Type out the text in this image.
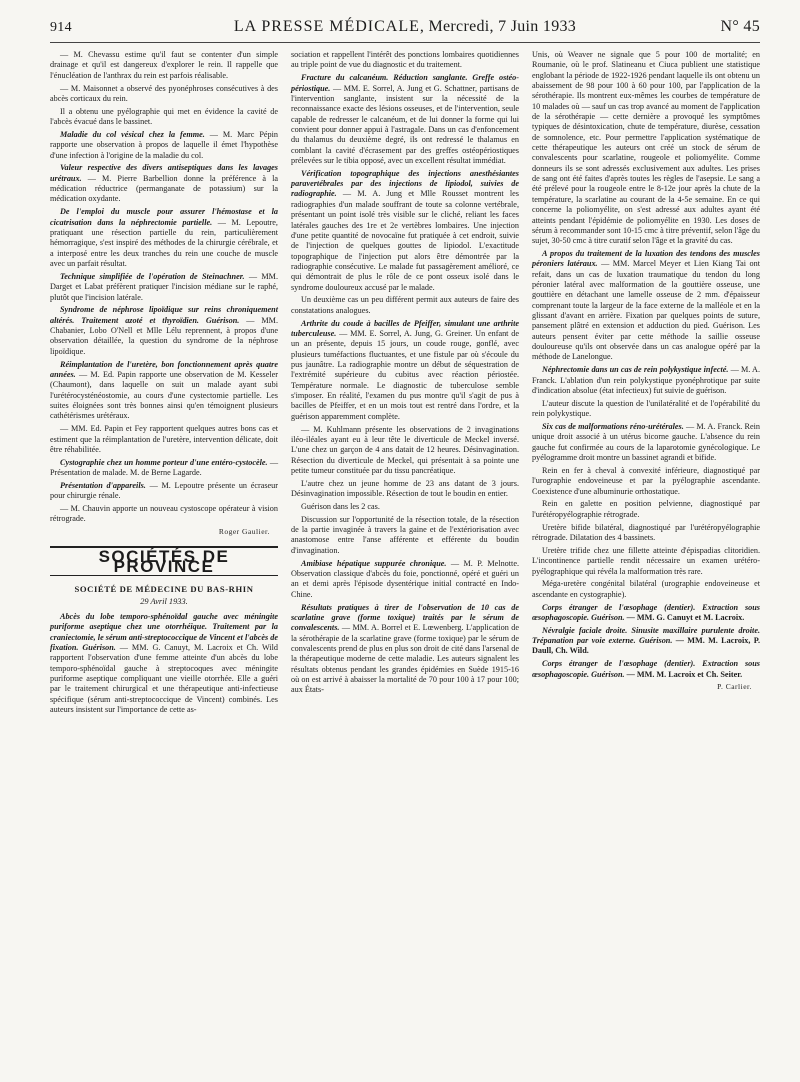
914	LA PRESSE MÉDICALE, Mercredi, 7 Juin 1933	N° 45

— M. Chevassu estime qu'il faut se contenter d'un simple drainage et qu'il est dangereux d'explorer le rein. Il rappelle que l'énucléation de l'anthrax du rein est parfois réalisable.

— M. Maisonnet a observé des pyonéphroses consécutives à des abcès corticaux du rein.

Il a obtenu une pyélographie qui met en évidence la cavité de l'abcès évacué dans le bassinet.

Maladie du col vésical chez la femme. — M. Marc Pépin rapporte une observation à propos de laquelle il émet l'hypothèse d'une infection à l'origine de la maladie du col.

Valeur respective des divers antiseptiques dans les lavages urétraux. — M. Pierre Barbellion donne la préférence à la médication réductrice (permanganate de potassium) sur la médication oxydante.

De l'emploi du muscle pour assurer l'hémostase et la cicatrisation dans la néphrectomie partielle. — M. Lepoutre, pratiquant une résection partielle du rein, particulièrement hémorragique, s'est inspiré des méthodes de la chirurgie cérébrale, et a interposé entre les deux tranches du rein une couche de muscle avec un parfait résultat.

Technique simplifiée de l'opération de Steinachner. — MM. Darget et Labat préfèrent pratiquer l'incision médiane sur le raphé, plutôt que l'incision latérale.

Syndrome de néphrose lipoïdique sur reins chroniquement altérés. Traitement azoté et thyroïdien. Guérison. — MM. Chabanier, Lobo O'Nell et Mlle Lélu reprennent, à propos d'une observation détaillée, la question du syndrome de la néphrose lipoïdique.

Réimplantation de l'uretère, bon fonctionnement après quatre années. — M. Ed. Papin rapporte une observation de M. Kesseler (Chaumont), dans laquelle on suit un malade ayant subi l'urétérocysténéostomie, au cours d'une cystectomie partielle. Les suites éloignées sont très bonnes ainsi qu'en témoignent plusieurs cathétérismes urétéraux.

— MM. Ed. Papin et Fey rapportent quelques autres bons cas et estiment que la réimplantation de l'uretère, intervention délicate, doit être réhabilitée.

Cystographie chez un homme porteur d'une entéro-cystocèle. — Présentation de malade. M. de Berne Lagarde.

Présentation d'appareils. — M. Lepoutre présente un écraseur pour chirurgie rénale.

— M. Chauvin apporte un nouveau cystoscope opérateur à vision rétrograde.

Roger Gaulier.
SOCIÉTÉS DE PROVINCE
SOCIÉTÉ DE MÉDECINE DU BAS-RHIN
29 Avril 1933.

Abcès du lobe temporo-sphénoïdal gauche avec méningite puriforme aseptique chez une otorrhéique. Traitement par la craniectomie, le sérum anti-streptococcique de Vincent et l'abcès de fixation. Guérison. — MM. G. Canuyt, M. Lacroix et Ch. Wild rapportent l'observation d'une femme atteinte d'un abcès du lobe temporo-sphénoïdal gauche à streptocoques avec méningite puriforme aseptique compliquant une vieille otorrhée. Elle a guéri par le traitement chirurgical et une thérapeutique anti-infectieuse spécifique (sérum anti-streptococcique de Vincent) combinés. Les auteurs insistent sur l'importance de cette as-

sociation et rappellent l'intérêt des ponctions lombaires quotidiennes au triple point de vue du diagnostic et du traitement.

Fracture du calcanéum. Réduction sanglante. Greffe ostéo-périostique. — MM. E. Sorrel, A. Jung et G. Schattner, partisans de l'intervention sanglante, insistent sur la nécessité de la reconnaissance exacte des lésions osseuses, et de l'intervention, seule capable de redresser le calcanéum, et de lui donner la forme qui lui convient pour donner appui à l'astragale. Dans un cas d'enfoncement du thalamus du deuxième degré, ils ont redressé le thalamus en comblant la cavité d'écrasement par des greffes ostéopériostiques prélevées sur le tibia opposé, avec un excellent résultat immédiat.

Vérification topographique des injections anesthésiantes paravertébrales par des injections de lipiodol, suivies de radiographie. — M. A. Jung et Mlle Rousset montrent les radiographies d'un malade souffrant de toute sa colonne vertébrale, présentant un point isolé très visible sur le cliché, reliant les faces latérales gauches des 1re et 2e vertèbres lombaires. Une injection d'une petite quantité de novocaïne fut pratiquée à cet endroit, suivie de l'injection de quelques gouttes de lipiodol. L'exactitude topographique de l'injection put alors être démontrée par la radiographie consécutive. Le malade fut passagèrement amélioré, ce qui démontrait de plus le rôle de ce pont osseux isolé dans le syndrome douloureux accusé par le malade.

Un deuxième cas un peu différent permit aux auteurs de faire des constatations analogues.

Arthrite du coude à bacilles de Pfeiffer, simulant une arthrite tuberculeuse. — MM. E. Sorrel, A. Jung, G. Greiner. Un enfant de un an présente, depuis 15 jours, un coude rouge, gonflé, avec plusieurs tuméfactions fluctuantes, et une fistule par où s'écoule du pus jaunâtre. La radiographie montre un début de séquestration de l'extrémité supérieure du cubitus avec réaction périostée. Température normale. Le diagnostic de tuberculose semble s'imposer. En réalité, l'examen du pus montre qu'il s'agit de pus à bacilles de Pfeiffer, et en un mois tout est rentré dans l'ordre, et la guérison apparemment complète.

— M. Kuhlmann présente les observations de 2 invaginations iléo-iléales ayant eu à leur tête le diverticule de Meckel inversé. L'une chez un garçon de 4 ans datait de 12 heures. Désinvagination. Résection du diverticule de Meckel, qui présentait à sa pointe une petite tumeur constituée par du tissu pancréatique.

L'autre chez un jeune homme de 23 ans datant de 3 jours. Désinvagination impossible. Résection de tout le boudin en entier.

Guérison dans les 2 cas.

Discussion sur l'opportunité de la résection totale, de la résection de la partie invaginée à travers la gaine et de l'extériorisation avec anastomose entre l'anse afférente et efférente du boudin d'invagination.

Amibiase hépatique suppurée chronique. — M. P. Melnotte. Observation classique d'abcès du foie, ponctionné, opéré et guéri un an et demi après l'épisode dysentérique initial contracté en Indo-Chine.

Résultats pratiques à tirer de l'observation de 10 cas de scarlatine grave (forme toxique) traités par le sérum de convalescents. — MM. A. Borrel et E. Lœwenberg. L'application de la sérothérapie de la scarlatine grave (forme toxique) par le sérum de convalescents prend de plus en plus son droit de cité dans l'arsenal de la thérapeutique moderne de cette maladie. Les auteurs signalent les résultats obtenus pendant les grandes épidémies en Suède 1915-16 où on est arrivé à abaisser la mortalité de 70 pour 100 à 17 pour 100; aux États-

Unis, où Weaver ne signale que 5 pour 100 de mortalité; en Roumanie, où le prof. Slatineanu et Ciuca publient une statistique englobant la période de 1922-1926 pendant laquelle ils ont obtenu un abaissement de 98 pour 100 à 60 pour 100, par l'application de la sérothérapie. Ils montrent eux-mêmes les courbes de température de 10 malades où — sauf un cas trop avancé au moment de l'application de la sérothérapie — cette dernière a provoqué les symptômes typiques de désintoxication, chute de température, diurèse, cessation de somnolence, etc. Pour permettre l'application systématique de cette thérapeutique les auteurs ont créé un stock de sérum de convalescents pour scarlatine, rougeole et poliomyélite. Comme donneurs ils se sont adressés exclusivement aux adultes. Les prises de sang ont été faites d'après toutes les règles de l'asepsie. Le sang a été prélevé pour la rougeole entre le 8-12e jour après la chute de la température, la scarlatine au courant de la 4-5e semaine. En ce qui concerne la poliomyélite, on s'est adressé aux adultes ayant été atteints pendant l'épidémie de poliomyélite en 1930. Les doses de sérum à recommander sont 10-15 cmc à titre préventif, selon l'âge du sujet, 30-50 cmc à titre curatif selon l'âge et la gravité du cas.

A propos du traitement de la luxation des tendons des muscles péroniers latéraux. — MM. Marcel Meyer et Lien Kiang Tai ont refait, dans un cas de luxation traumatique du tendon du long péronier latéral avec malformation de la gouttière osseuse, une gouttière en détachant une lamelle osseuse de 2 mm. d'épaisseur comprenant toute la largeur de la face externe de la malléole et en la glissant d'avant en arrière. Fixation par quelques points de suture, pansement plâtré en extension et adduction du pied. Guérison. Les auteurs pensent éviter par cette méthode la saillie osseuse douloureuse qu'ils ont observée dans un cas analogue opéré par la méthode de Lanelongue.

Néphrectomie dans un cas de rein polykystique infecté. — M. A. Franck. L'ablation d'un rein polykystique pyonéphrotique par suite d'indication absolue (état infectieux) fut suivie de guérison.

L'auteur discute la question de l'unilatéralité et de l'opérabilité du rein polykystique.

Six cas de malformations réno-urétérales. — M. A. Franck. Rein unique droit associé à un utérus bicorne gauche. L'absence du rein gauche fut confirmée au cours de la laparotomie gynécologique. Le pyélogramme droit montre un bassinet agrandi et bifide.

Rein en fer à cheval à convexité inférieure, diagnostiqué par l'urographie endoveineuse et par la pyélographie ascendante. Coexistence d'une albuminurie orthostatique.

Rein en galette en position pelvienne, diagnostiqué par l'urétéropyélographie rétrograde.

Uretère bifide bilatéral, diagnostiqué par l'urétéropyélographie rétrograde. Dilatation des 4 bassinets.

Uretère trifide chez une fillette atteinte d'épispadias clitoridien. L'incontinence partielle rendit nécessaire un examen urétéro-pyélographique qui révéla la malformation très rare.

Méga-uretère congénital bilatéral (urographie endoveineuse et ascendante en cystographie).

Corps étranger de l'œsophage (dentier). Extraction sous œsophagoscopie. Guérison. — MM. G. Canuyt et M. Lacroix.

Névralgie faciale droite. Sinusite maxillaire purulente droite. Trépanation par voie externe. Guérison. — MM. M. Lacroix, P. Daull, Ch. Wild.

Corps étranger de l'œsophage (dentier). Extraction sous œsophagoscopie. Guérison. — MM. M. Lacroix et Ch. Seiter.

P. Carlier.
